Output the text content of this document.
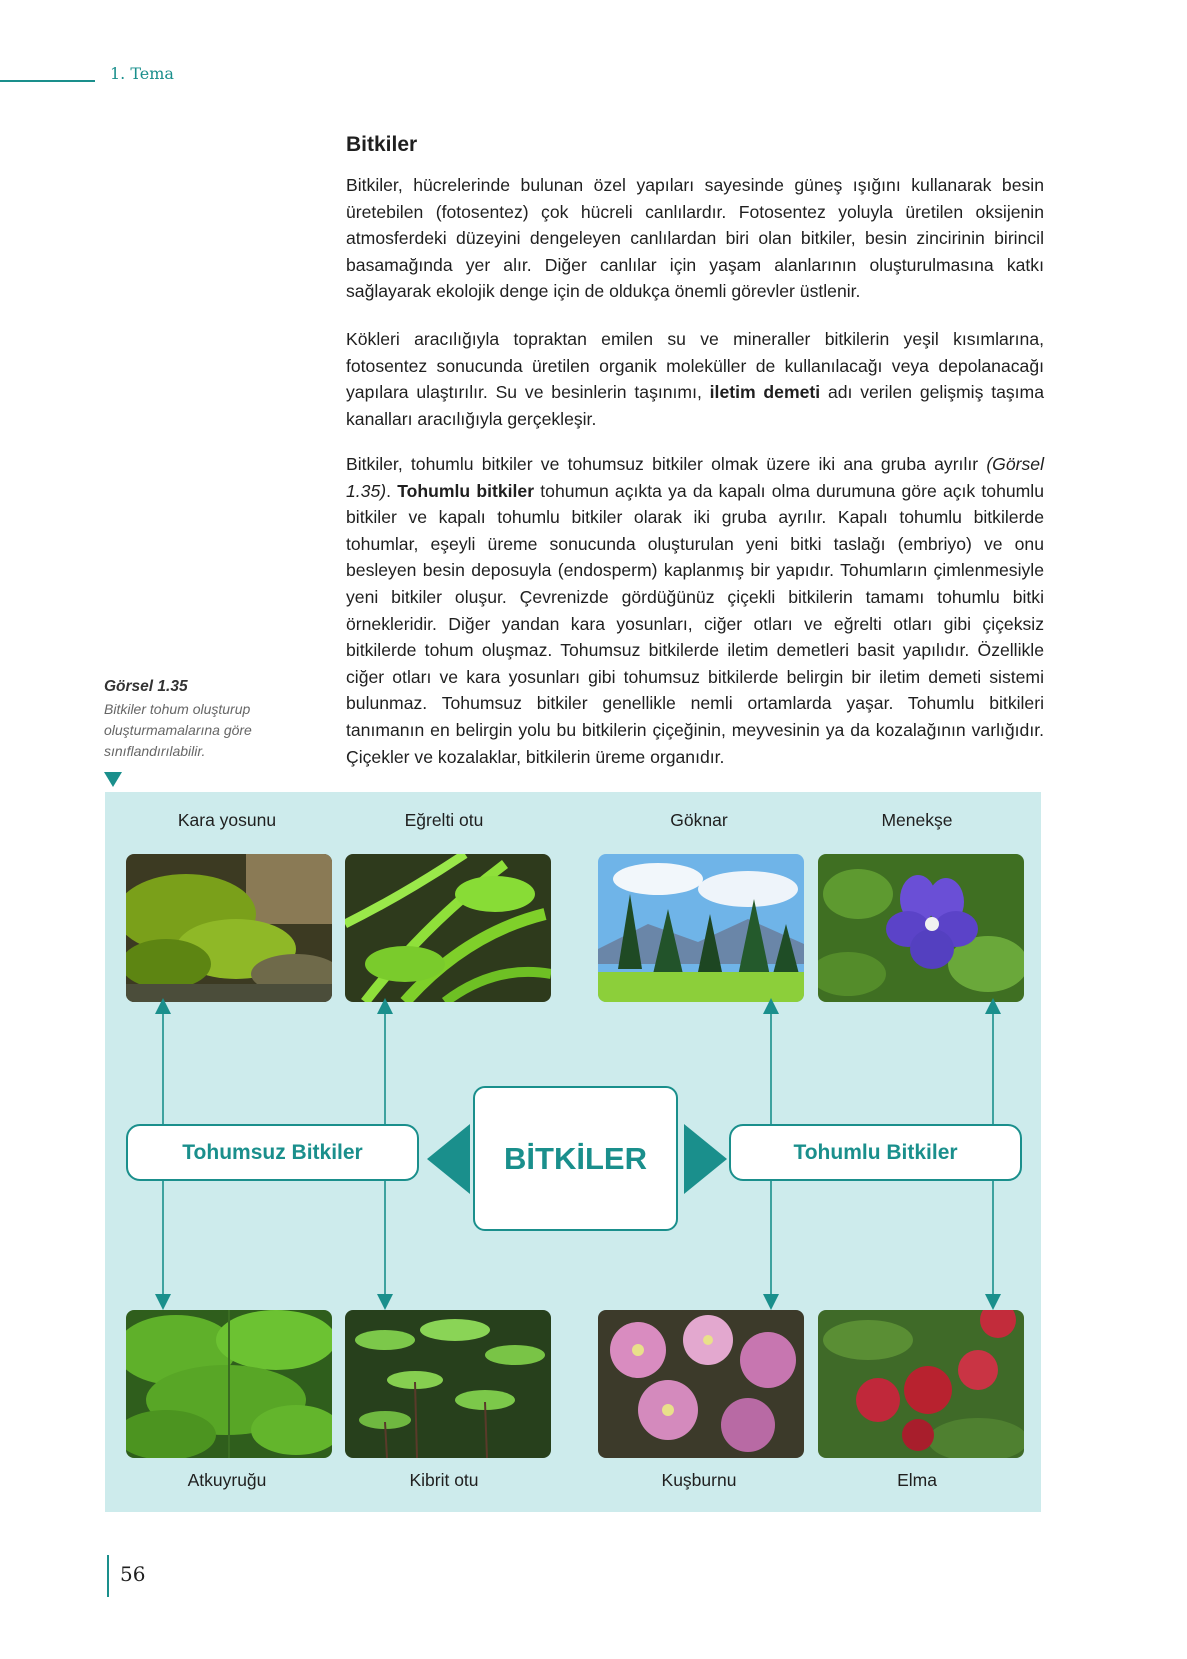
1. Tema
Bitkiler

Bitkiler, hücrelerinde bulunan özel yapıları sayesinde güneş ışığını kullanarak besin üretebilen (fotosentez) çok hücreli canlılardır. Fotosentez yoluyla üretilen oksijenin atmosferdeki düzeyini dengeleyen canlılardan biri olan bitkiler, besin zincirinin birincil basamağında yer alır. Diğer canlılar için yaşam alanlarının oluşturulmasına katkı sağlayarak ekolojik denge için de oldukça önemli görevler üstlenir.

Kökleri aracılığıyla topraktan emilen su ve mineraller bitkilerin yeşil kısımlarına, fotosentez sonucunda üretilen organik moleküller de kullanılacağı veya depolanacağı yapılara ulaştırılır. Su ve besinlerin taşınımı, iletim demeti adı verilen gelişmiş taşıma kanalları aracılığıyla gerçekleşir.

Bitkiler, tohumlu bitkiler ve tohumsuz bitkiler olmak üzere iki ana gruba ayrılır (Görsel 1.35). Tohumlu bitkiler tohumun açıkta ya da kapalı olma durumuna göre açık tohumlu bitkiler ve kapalı tohumlu bitkiler olarak iki gruba ayrılır. Kapalı tohumlu bitkilerde tohumlar, eşeyli üreme sonucunda oluşturulan yeni bitki taslağı (embriyo) ve onu besleyen besin deposuyla (endosperm) kaplanmış bir yapıdır. Tohumların çimlenmesiyle yeni bitkiler oluşur. Çevrenizde gördüğünüz çiçekli bitkilerin tamamı tohumlu bitki örnekleridir. Diğer yandan kara yosunları, ciğer otları ve eğrelti otları gibi çiçeksiz bitkilerde tohum oluşmaz. Tohumsuz bitkilerde iletim demetleri basit yapılıdır. Özellikle ciğer otları ve kara yosunları gibi tohumsuz bitkilerde belirgin bir iletim demeti sistemi bulunmaz. Tohumsuz bitkiler genellikle nemli ortamlarda yaşar. Tohumlu bitkileri tanımanın en belirgin yolu bu bitkilerin çiçeğinin, meyvesinin ya da kozalağının varlığıdır. Çiçekler ve kozalaklar, bitkilerin üreme organıdır.

Görsel 1.35
Bitkiler tohum oluşturup oluşturmamalarına göre sınıflandırılabilir.
Kara yosunu	Eğrelti otu	Göknar	Menekşe
Tohumsuz Bitkiler	BİTKİLER	Tohumlu Bitkiler
Atkuyruğu	Kibrit otu	Kuşburnu	Elma
56
